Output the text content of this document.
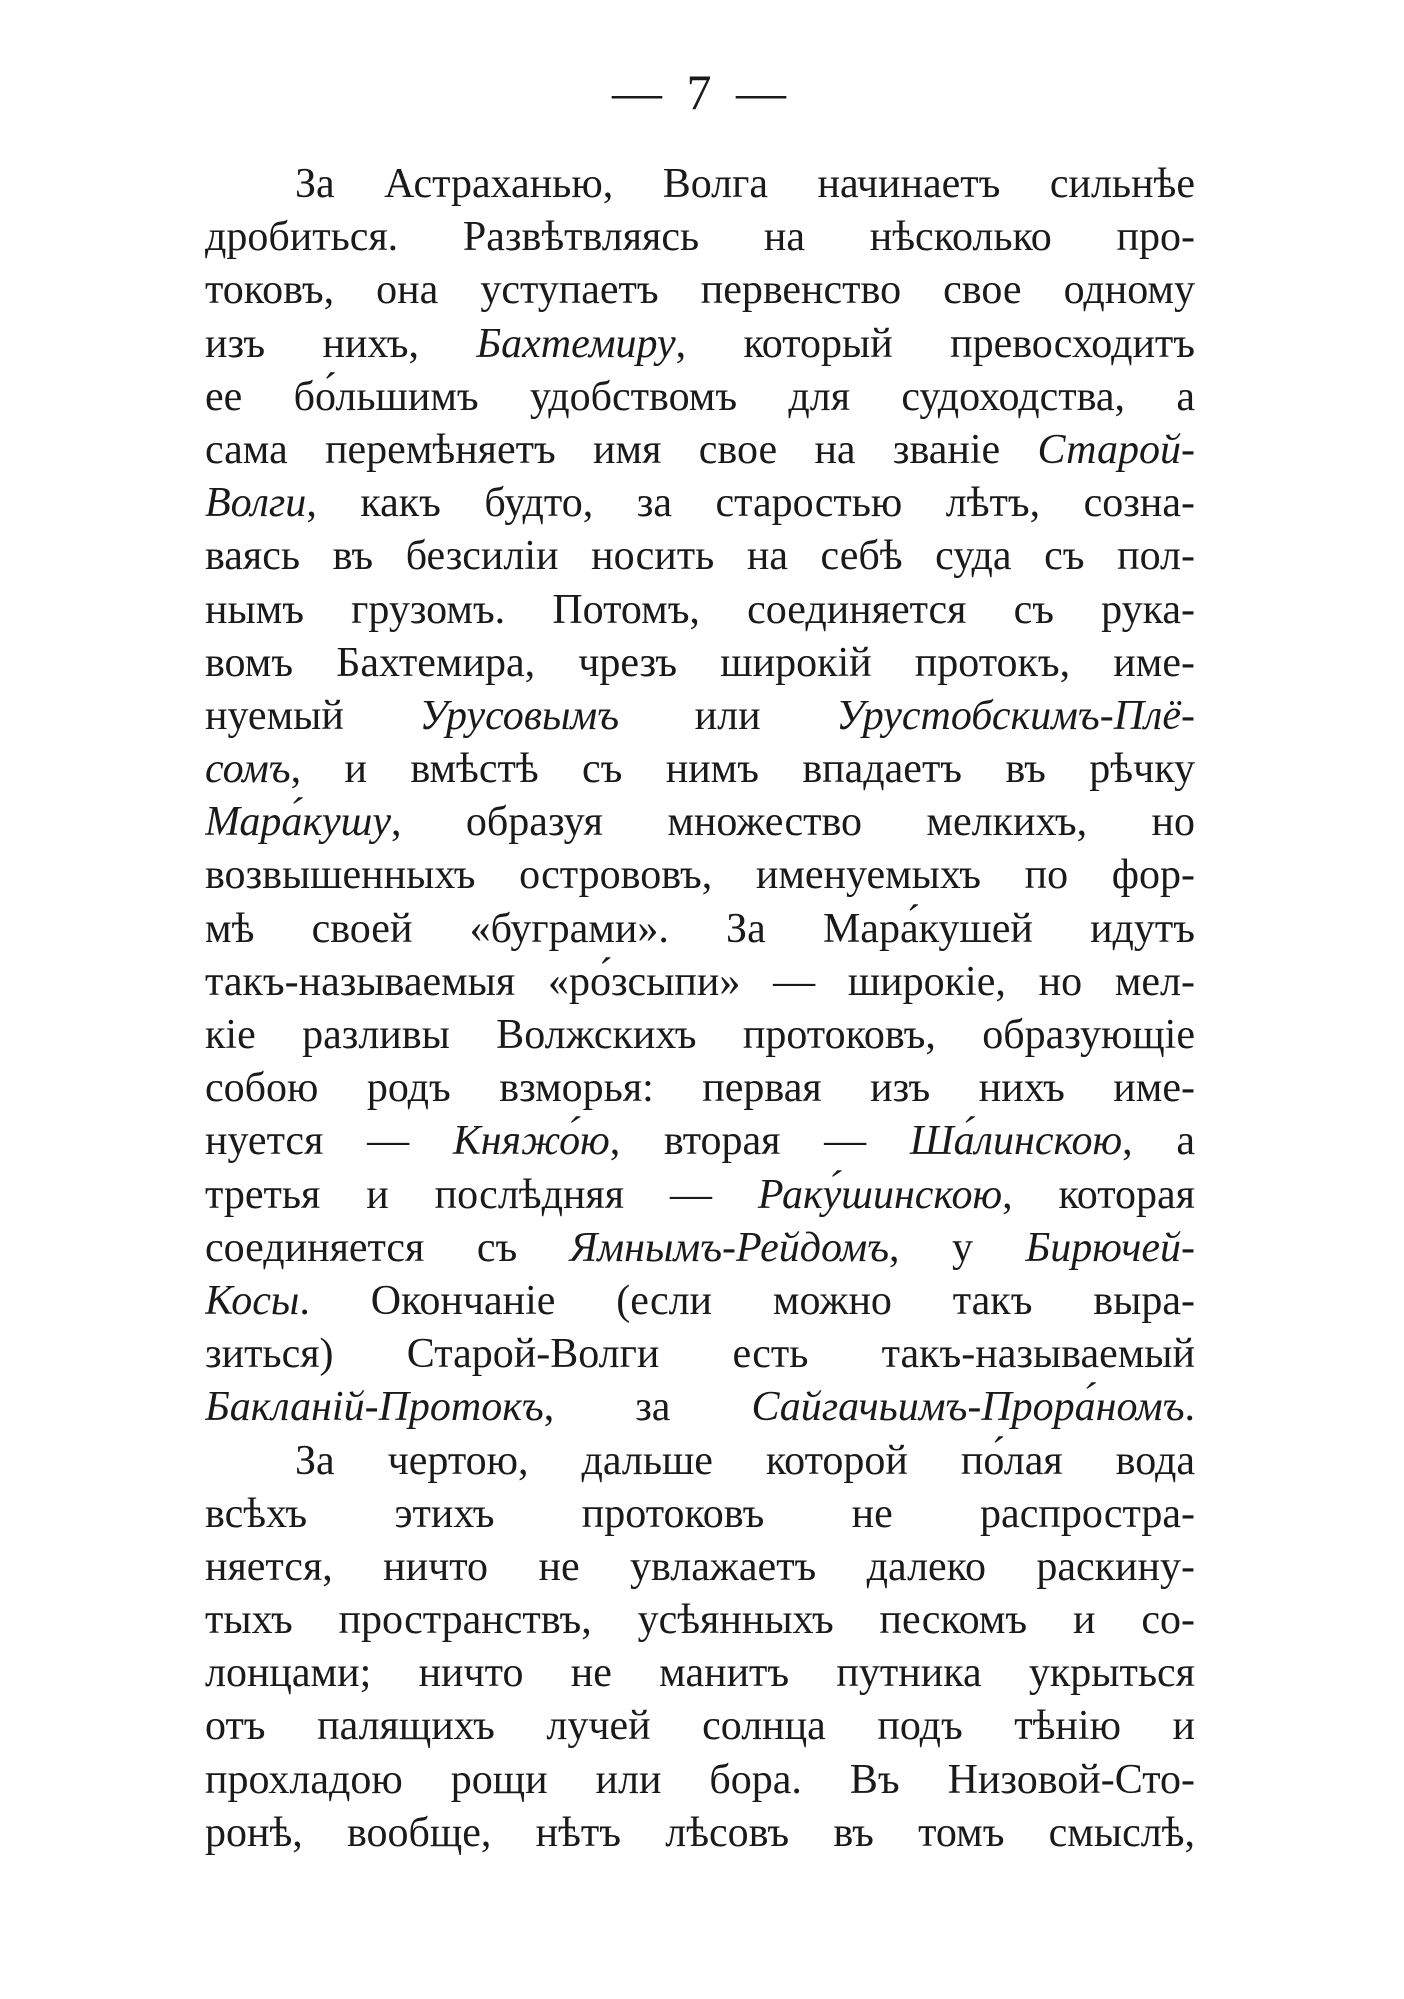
— 7 —
За Астраханью, Волга начинаетъ сильнѣе
дробиться. Развѣтвляясь на нѣсколько про-
токовъ, она уступаетъ первенство свое одному
изъ нихъ, Бахтемиру, который превосходитъ
ее бо́льшимъ удобствомъ для судоходства, а
сама перемѣняетъ имя свое на званіе Старой-
Волги, какъ будто, за старостью лѣтъ, созна-
ваясь въ безсиліи носить на себѣ суда съ пол-
нымъ грузомъ. Потомъ, соединяется съ рука-
вомъ Бахтемира, чрезъ широкій протокъ, име-
нуемый Урусовымъ или Урустобскимъ-Плё-
сомъ, и вмѣстѣ съ нимъ впадаетъ въ рѣчку
Мара́кушу, образуя множество мелкихъ, но
возвышенныхъ острововъ, именуемыхъ по фор-
мѣ своей «буграми». За Мара́кушей идутъ
такъ-называемыя «ро́зсыпи» — широкіе, но мел-
кіе разливы Волжскихъ протоковъ, образующіе
собою родъ взморья: первая изъ нихъ име-
нуется — Княжо́ю, вторая — Ша́линскою, а
третья и послѣдняя — Раку́шинскою, которая
соединяется съ Ямнымъ-Рейдомъ, у Бирючей-
Косы. Окончаніе (если можно такъ выра-
зиться) Старой-Волги есть такъ-называемый
Бакланій-Протокъ, за Сайгачьимъ-Прора́номъ.
За чертою, дальше которой по́лая вода
всѣхъ этихъ протоковъ не распростра-
няется, ничто не увлажаетъ далеко раскину-
тыхъ пространствъ, усѣянныхъ пескомъ и со-
лонцами; ничто не манитъ путника укрыться
отъ палящихъ лучей солнца подъ тѣнію и
прохладою рощи или бора. Въ Низовой-Сто-
ронѣ, вообще, нѣтъ лѣсовъ въ томъ смыслѣ,
